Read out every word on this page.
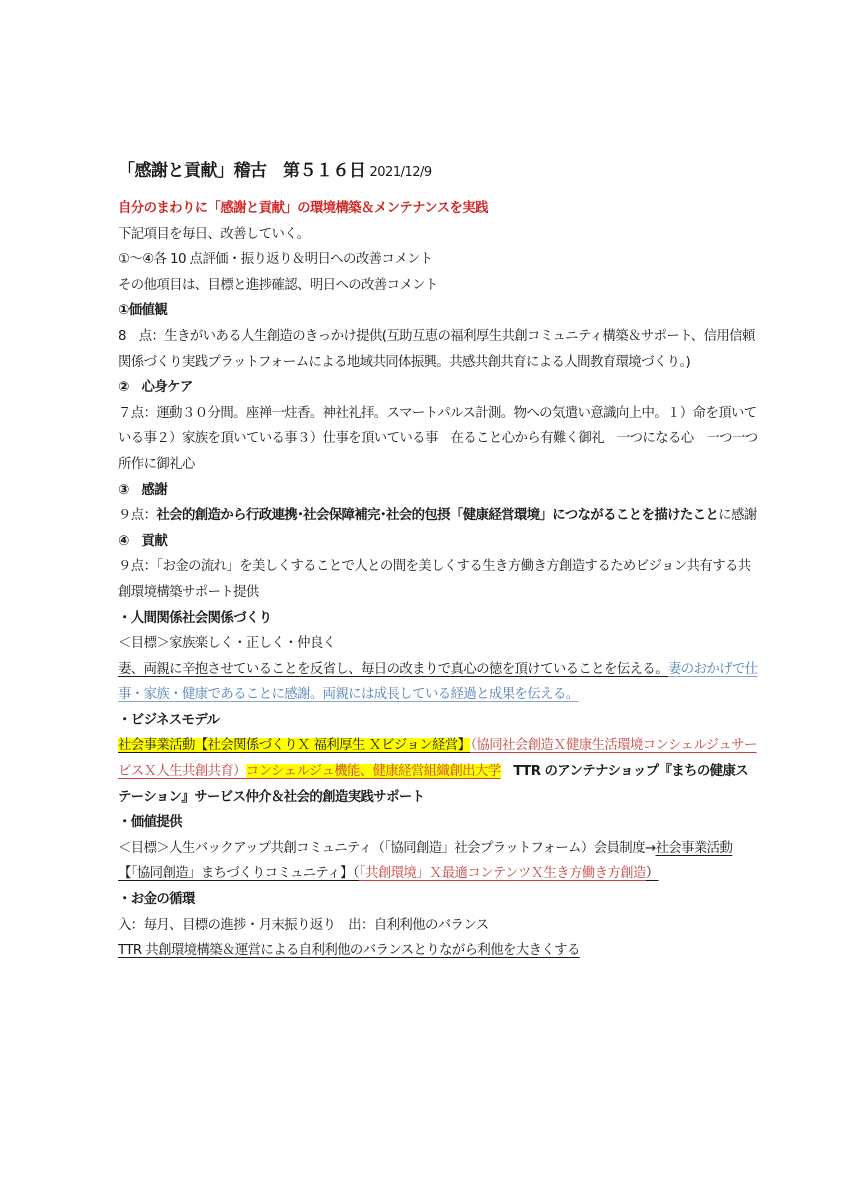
「感謝と貢献」稽古　第５１６日 2021/12/9
自分のまわりに「感謝と貢献」の環境構築＆メンテナンスを実践
下記項目を毎日、改善していく。
①～④各 10 点評価・振り返り＆明日への改善コメント
その他項目は、目標と進捗確認、明日への改善コメント
①価値観
8　点：生きがいある人生創造のきっかけ提供(互助互恵の福利厚生共創コミュニティ構築＆サポート、信用信頼関係づくり実践プラットフォームによる地域共同体振興。共感共創共育による人間教育環境づくり。)
②　心身ケア
７点：運動３０分間。座禅一炷香。神社礼拝。スマートパルス計測。物への気遣い意識向上中。１）命を頂いている事２）家族を頂いている事３）仕事を頂いている事　在ること心から有難く御礼　一つになる心　一つ一つ所作に御礼心
③　感謝
９点：社会的創造から行政連携･社会保障補完･社会的包摂「健康経営環境」につながることを描けたことに感謝
④　貢献
９点：「お金の流れ」を美しくすることで人との間を美しくする生き方働き方創造するためビジョン共有する共創環境構築サポート提供
・人間関係社会関係づくり
＜目標＞家族楽しく・正しく・仲良く
妻、両親に辛抱させていることを反省し、毎日の改まりで真心の徳を頂けていることを伝える。妻のおかげで仕事・家族・健康であることに感謝。両親には成長している経過と成果を伝える。
・ビジネスモデル
社会事業活動【社会関係づくりＸ 福利厚生 Ｘビジョン経営】（協同社会創造Ｘ健康生活環境コンシェルジュサービスＸ人生共創共育）コンシェルジュ機能、健康経営組織創出大学　 TTR のアンテナショップ『まちの健康ステーション』サービス仲介＆社会的創造実践サポート
・価値提供
＜目標＞人生バックアップ共創コミュニティ（「協同創造」社会プラットフォーム）会員制度→社会事業活動【「協同創造」まちづくりコミュニティ】（「共創環境」Ｘ最適コンテンツＸ生き方働き方創造）
・お金の循環
入：毎月、目標の進捗・月末振り返り　出：自利利他のバランス
TTR 共創環境構築＆運営による自利利他のバランスとりながら利他を大きくする
